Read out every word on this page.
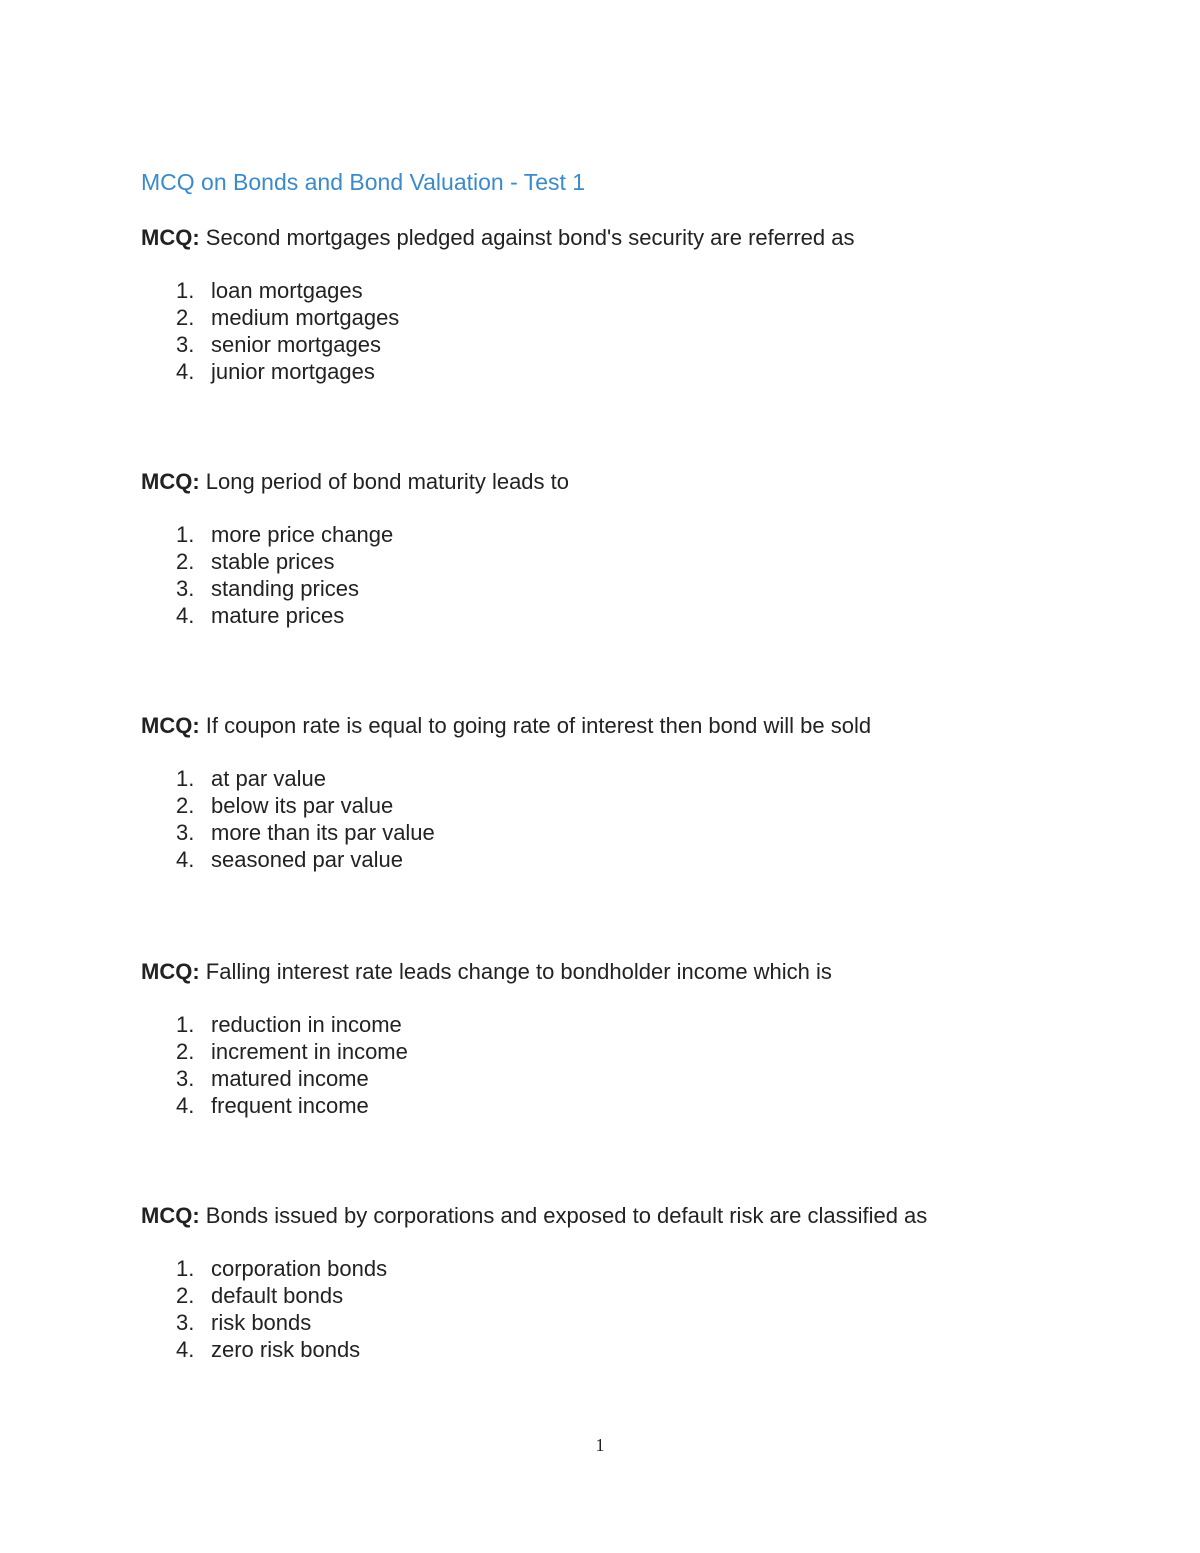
MCQ on Bonds and Bond Valuation - Test 1
MCQ: Second mortgages pledged against bond's security are referred as
1. loan mortgages
2. medium mortgages
3. senior mortgages
4. junior mortgages
MCQ: Long period of bond maturity leads to
1. more price change
2. stable prices
3. standing prices
4. mature prices
MCQ: If coupon rate is equal to going rate of interest then bond will be sold
1. at par value
2. below its par value
3. more than its par value
4. seasoned par value
MCQ: Falling interest rate leads change to bondholder income which is
1. reduction in income
2. increment in income
3. matured income
4. frequent income
MCQ: Bonds issued by corporations and exposed to default risk are classified as
1. corporation bonds
2. default bonds
3. risk bonds
4. zero risk bonds
1
